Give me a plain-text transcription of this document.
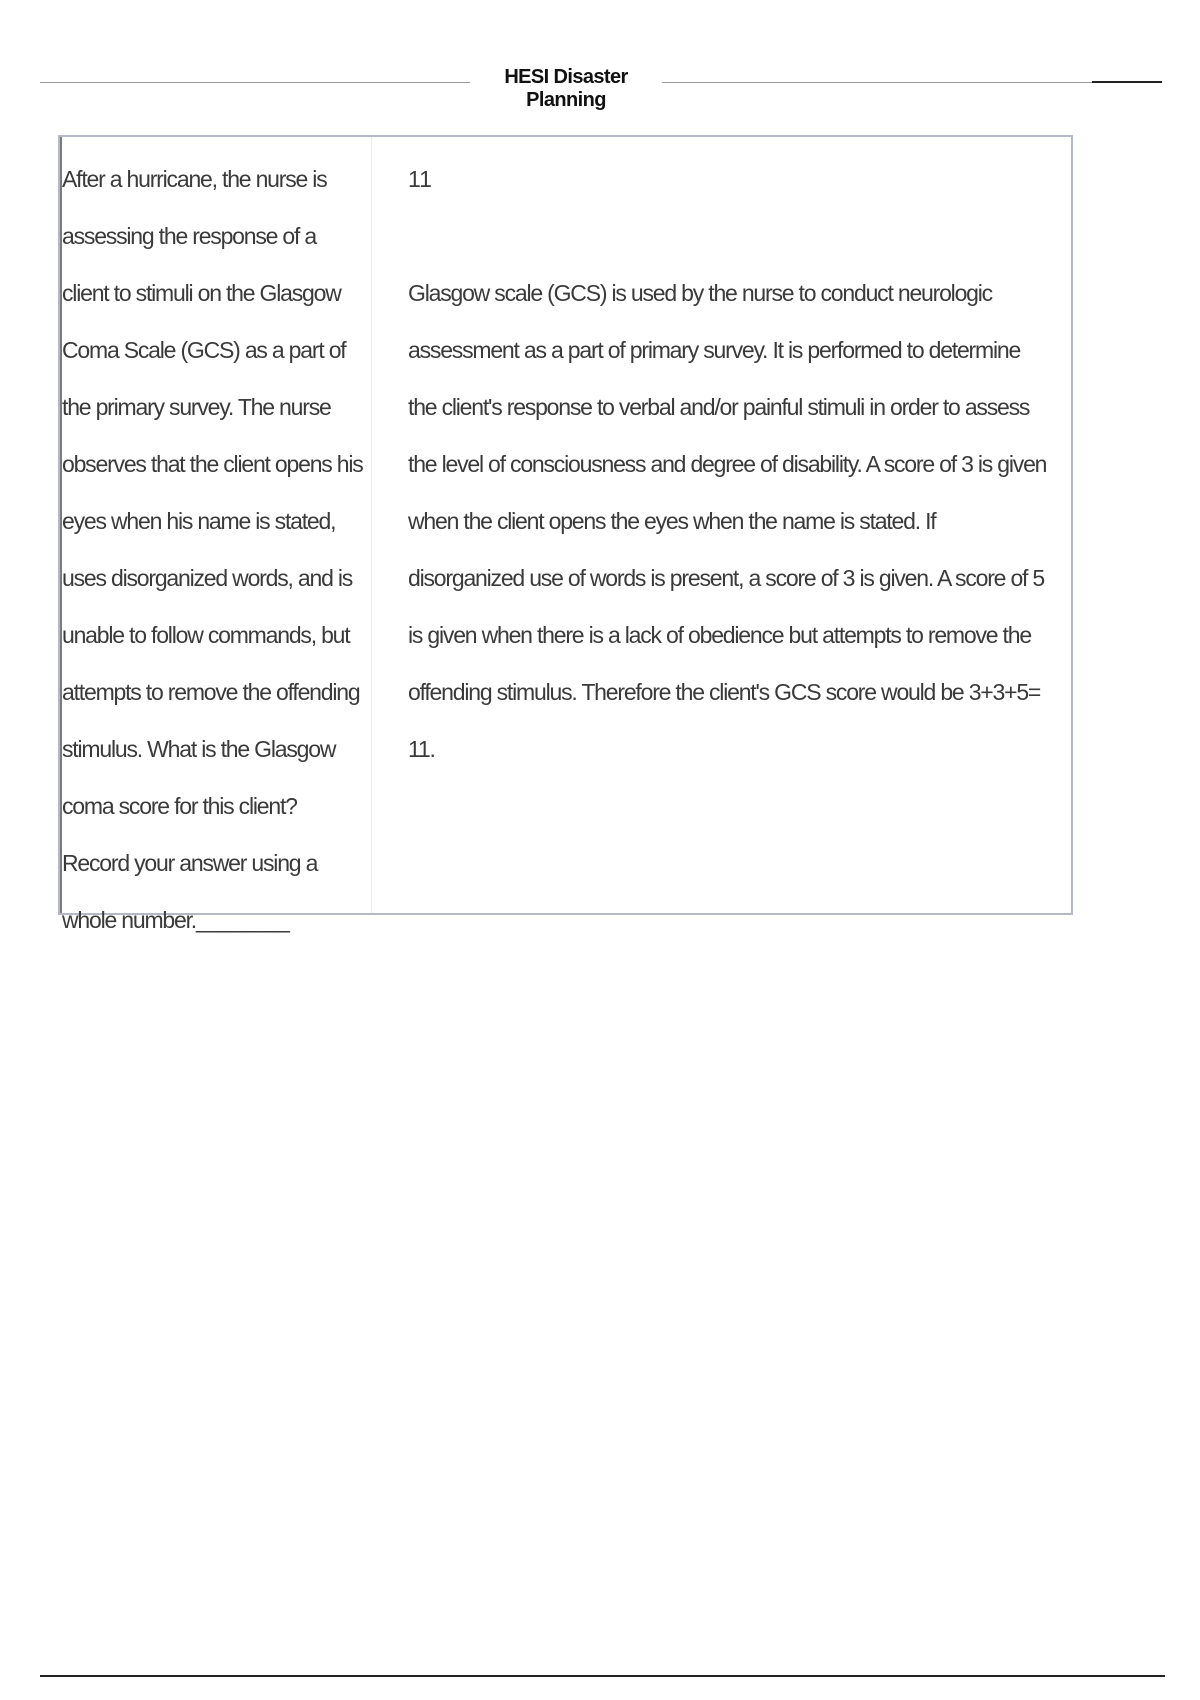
HESI Disaster Planning

After a hurricane, the nurse is assessing the response of a client to stimuli on the Glasgow Coma Scale (GCS) as a part of the primary survey. The nurse observes that the client opens his eyes when his name is stated, uses disorganized words, and is unable to follow commands, but attempts to remove the offending stimulus. What is the Glasgow coma score for this client? Record your answer using a whole number.________

11

Glasgow scale (GCS) is used by the nurse to conduct neurologic assessment as a part of primary survey. It is performed to determine the client's response to verbal and/or painful stimuli in order to assess the level of consciousness and degree of disability. A score of 3 is given when the client opens the eyes when the name is stated. If disorganized use of words is present, a score of 3 is given. A score of 5 is given when there is a lack of obedience but attempts to remove the offending stimulus. Therefore the client's GCS score would be 3+3+5= 11.
